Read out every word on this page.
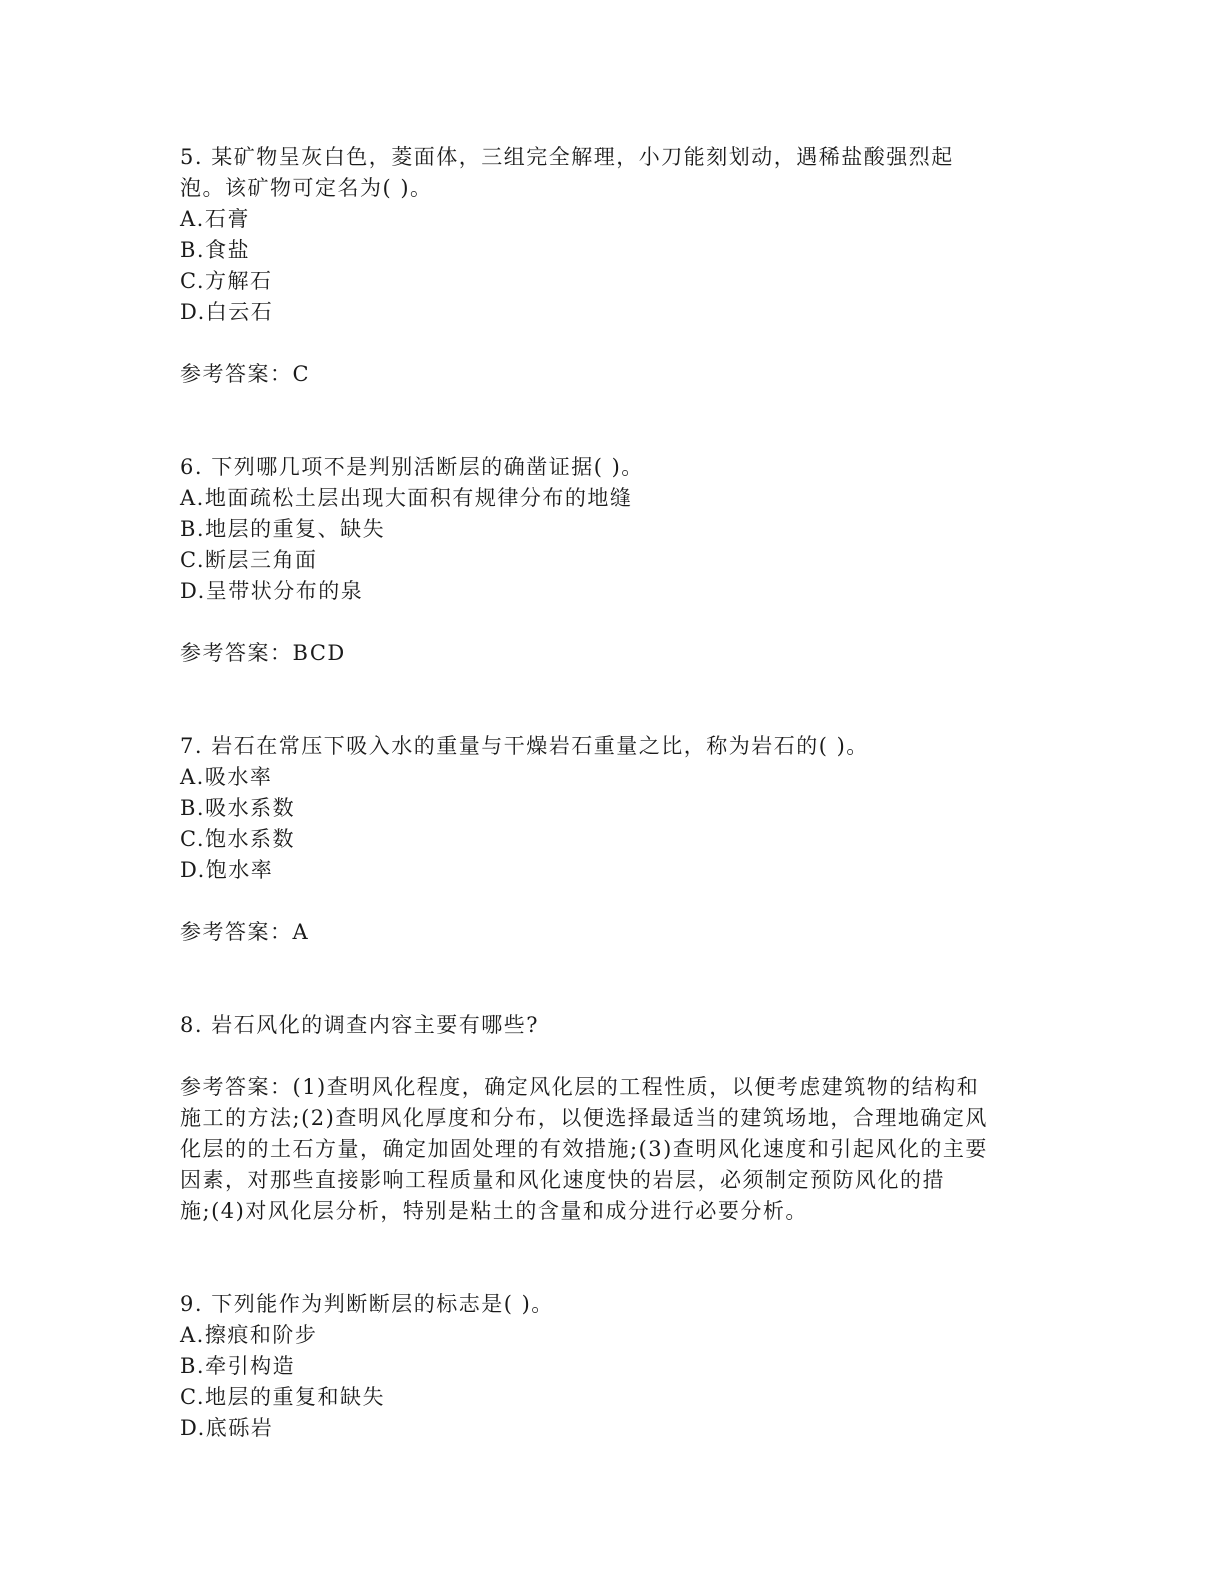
5. 某矿物呈灰白色，菱面体，三组完全解理，小刀能刻划动，遇稀盐酸强烈起
泡。该矿物可定名为( )。
A.石膏
B.食盐
C.方解石
D.白云石
参考答案：C
6. 下列哪几项不是判别活断层的确凿证据( )。
A.地面疏松土层出现大面积有规律分布的地缝
B.地层的重复、缺失
C.断层三角面
D.呈带状分布的泉
参考答案：BCD
7. 岩石在常压下吸入水的重量与干燥岩石重量之比，称为岩石的( )。
A.吸水率
B.吸水系数
C.饱水系数
D.饱水率
参考答案：A
8. 岩石风化的调查内容主要有哪些?
参考答案：(1)查明风化程度，确定风化层的工程性质，以便考虑建筑物的结构和
施工的方法;(2)查明风化厚度和分布，以便选择最适当的建筑场地，合理地确定风
化层的的土石方量，确定加固处理的有效措施;(3)查明风化速度和引起风化的主要
因素，对那些直接影响工程质量和风化速度快的岩层，必须制定预防风化的措
施;(4)对风化层分析，特别是粘土的含量和成分进行必要分析。
9. 下列能作为判断断层的标志是( )。
A.擦痕和阶步
B.牵引构造
C.地层的重复和缺失
D.底砾岩
